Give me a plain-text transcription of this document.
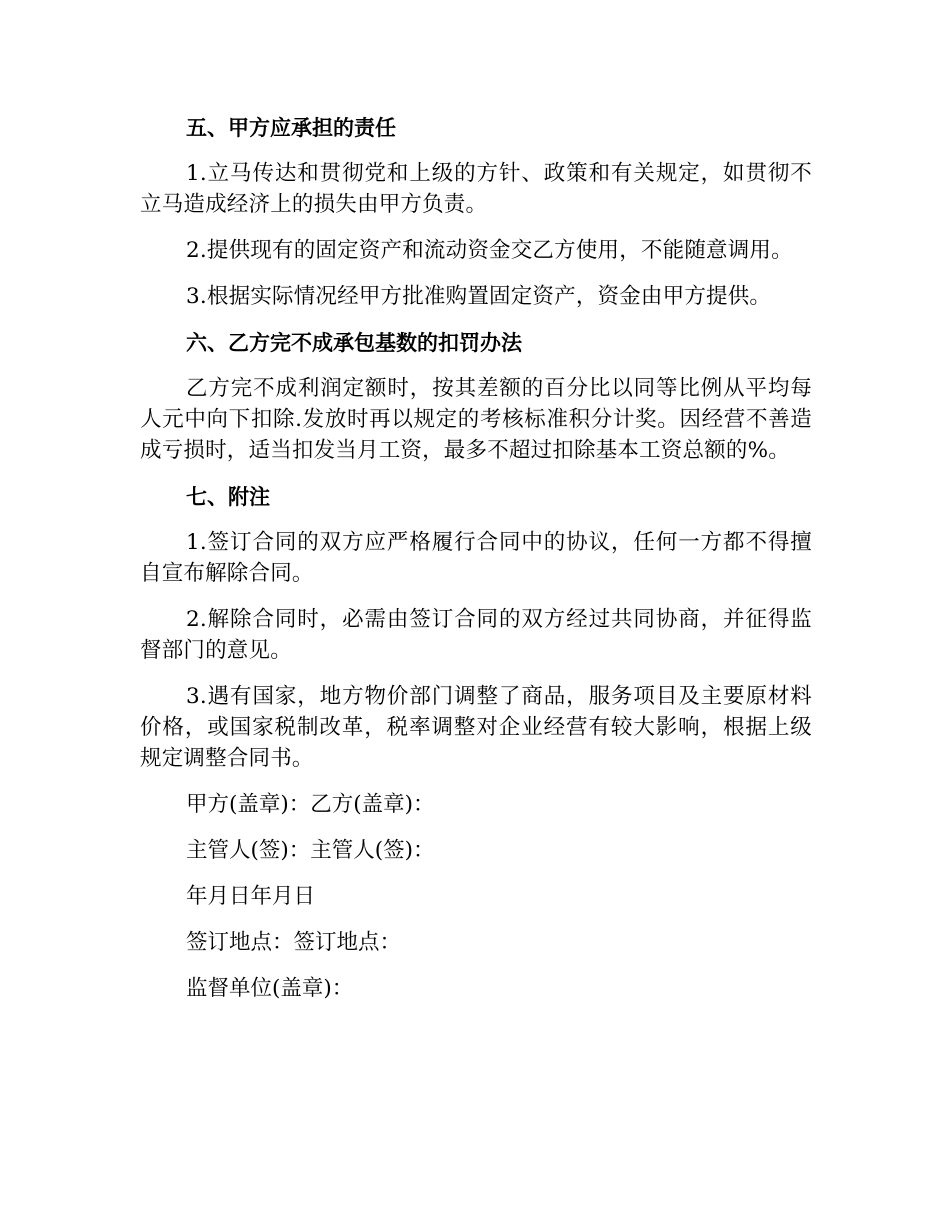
五、甲方应承担的责任

1.立马传达和贯彻党和上级的方针、政策和有关规定，如贯彻不立马造成经济上的损失由甲方负责。

2.提供现有的固定资产和流动资金交乙方使用，不能随意调用。

3.根据实际情况经甲方批准购置固定资产，资金由甲方提供。

六、乙方完不成承包基数的扣罚办法

乙方完不成利润定额时，按其差额的百分比以同等比例从平均每人元中向下扣除.发放时再以规定的考核标准积分计奖。因经营不善造成亏损时，适当扣发当月工资，最多不超过扣除基本工资总额的%。

七、附注

1.签订合同的双方应严格履行合同中的协议，任何一方都不得擅自宣布解除合同。

2.解除合同时，必需由签订合同的双方经过共同协商，并征得监督部门的意见。

3.遇有国家，地方物价部门调整了商品，服务项目及主要原材料价格，或国家税制改革，税率调整对企业经营有较大影响，根据上级规定调整合同书。

甲方(盖章)：乙方(盖章)：

主管人(签)：主管人(签)：

年月日年月日

签订地点：签订地点：

监督单位(盖章)：
